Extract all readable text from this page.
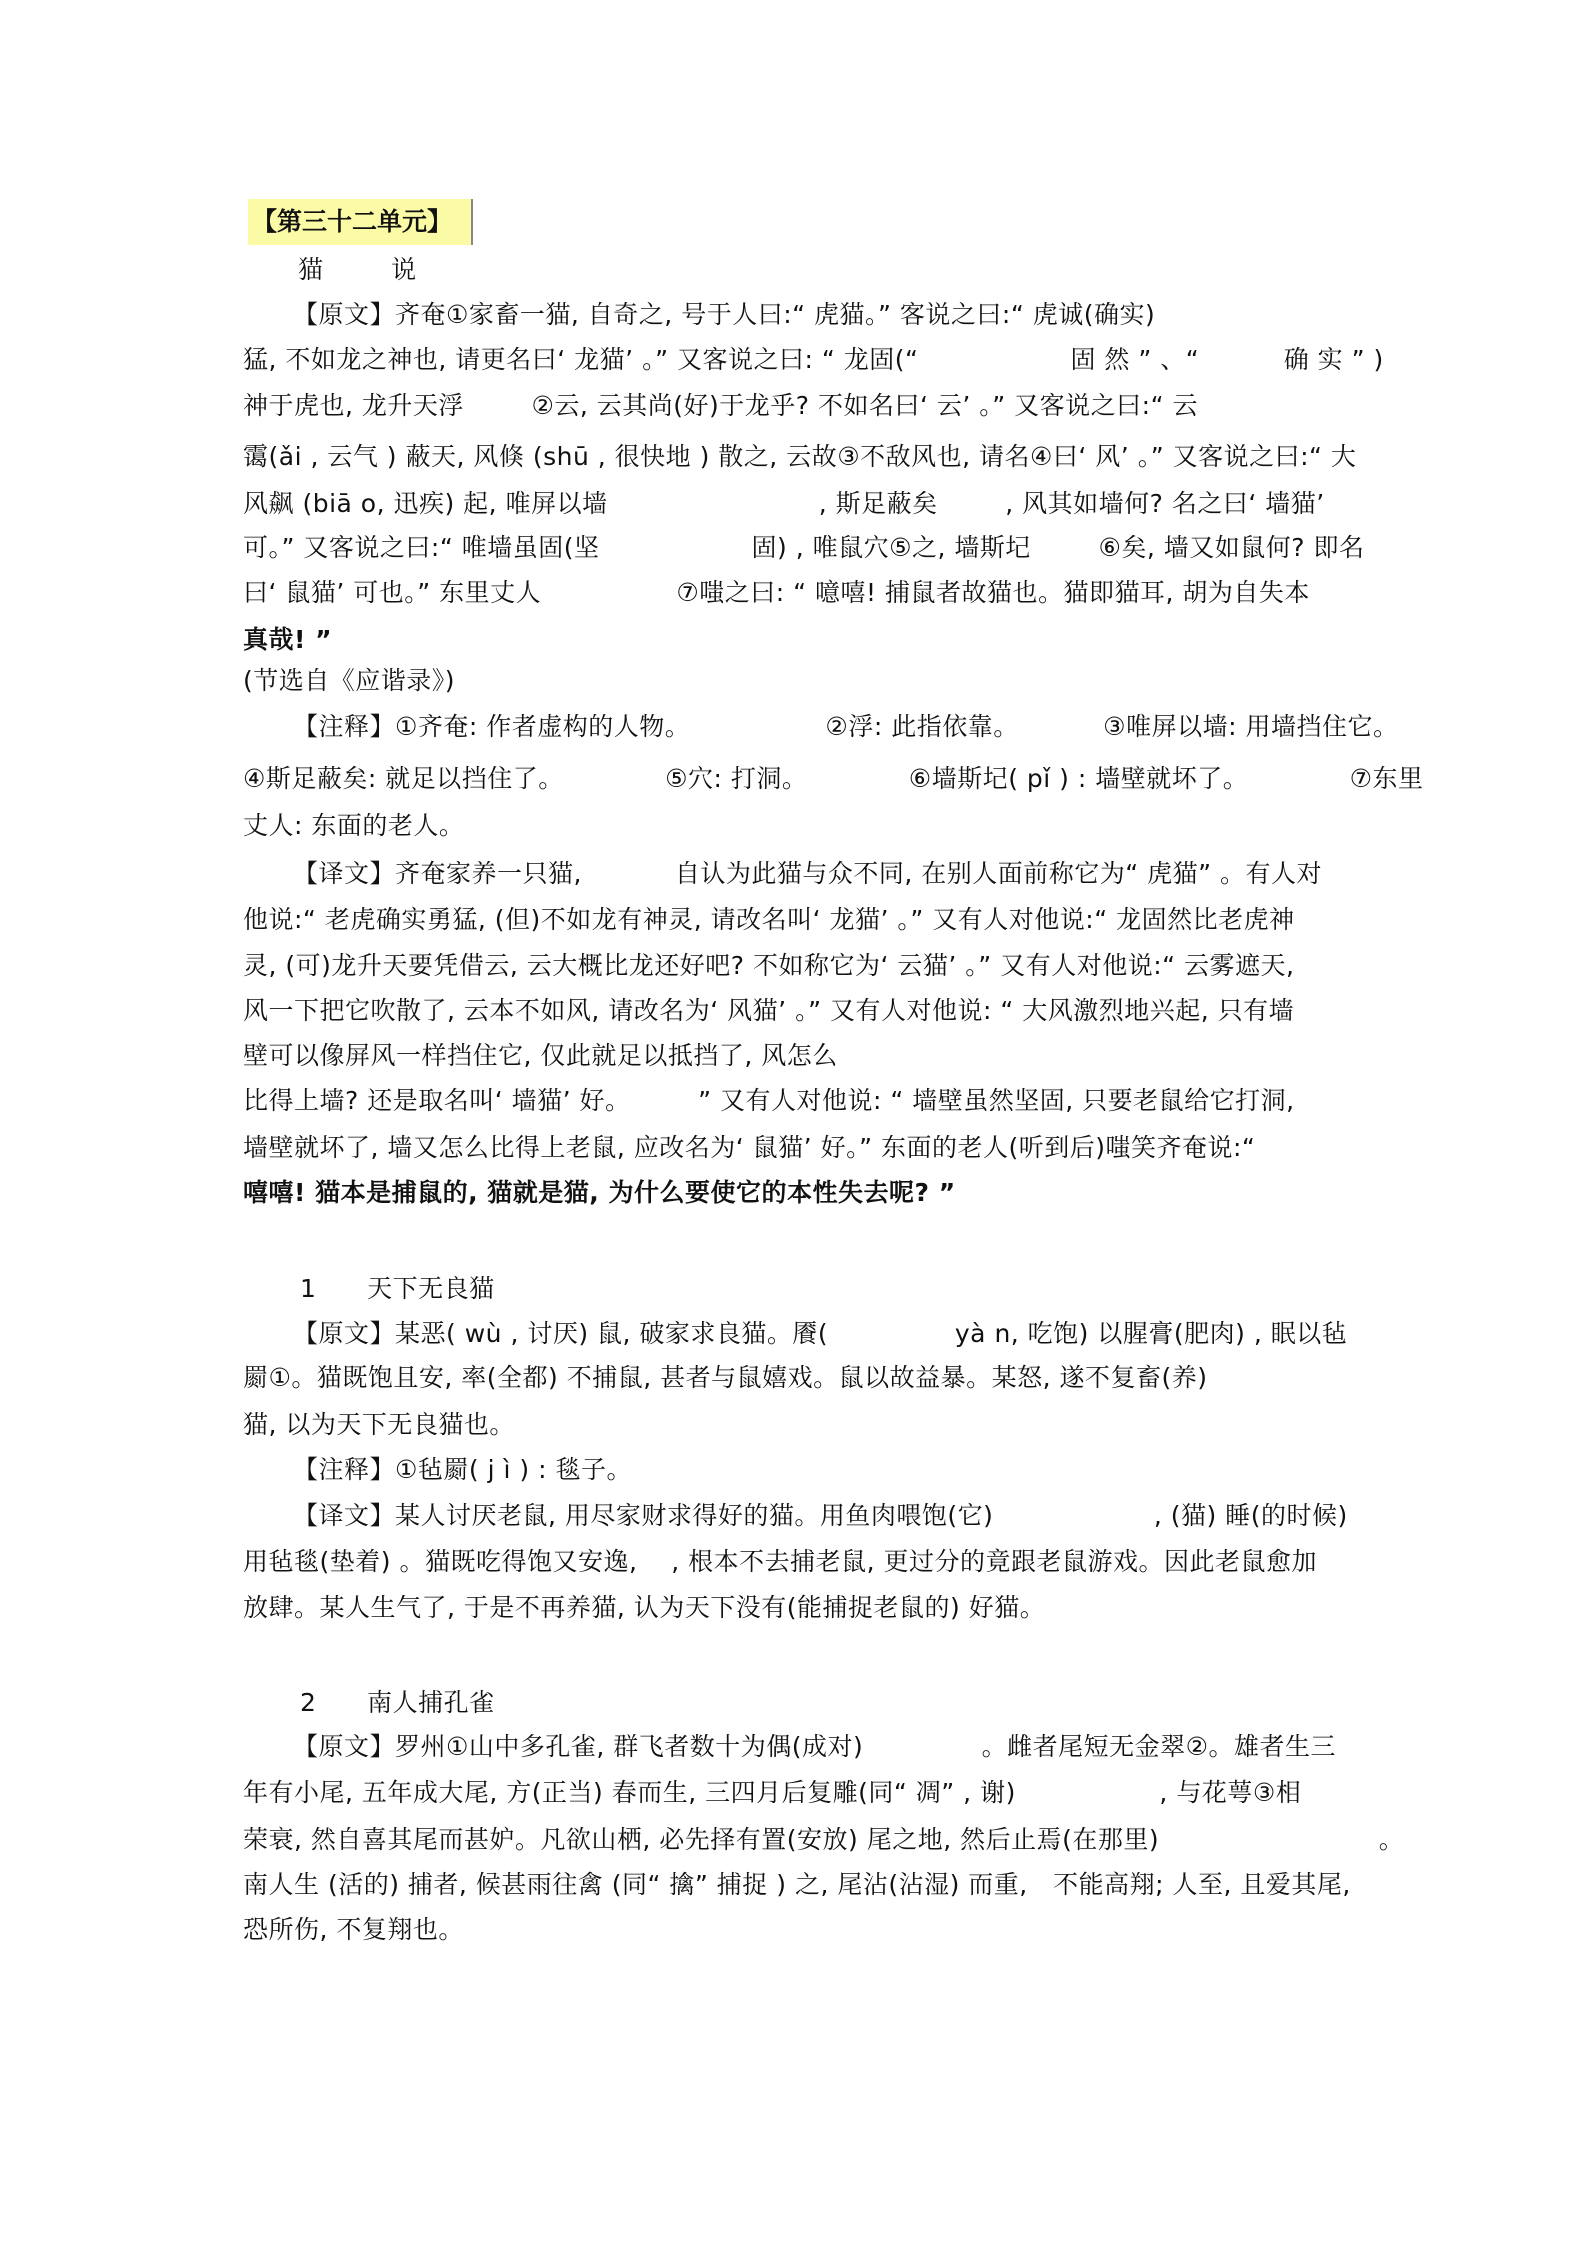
【第三十二单元】
猫        说
【原文】齐奄①家畜一猫, 自奇之, 号于人曰:“ 虎猫。” 客说之曰:“ 虎诚(确实)
猛, 不如龙之神也, 请更名曰‘ 龙猫’ 。” 又客说之曰: “ 龙固(“                  固 然 ” 、“          确 实 ” )
神于虎也, 龙升天浮        ②云, 云其尚(好)于龙乎? 不如名曰‘ 云’ 。” 又客说之曰:“ 云
霭(ǎi , 云气 ) 蔽天, 风倏 (shū , 很快地 ) 散之, 云故③不敌风也, 请名④曰‘ 风’ 。” 又客说之曰:“ 大
风飙 (biā o, 迅疾) 起, 唯屏以墙                         , 斯足蔽矣        , 风其如墙何? 名之曰‘ 墙猫’
可。” 又客说之曰:“ 唯墙虽固(坚                  固) , 唯鼠穴⑤之, 墙斯圮        ⑥矣, 墙又如鼠何? 即名
曰‘ 鼠猫’ 可也。” 东里丈人                ⑦嗤之曰: “ 噫嘻! 捕鼠者故猫也。猫即猫耳, 胡为自失本
真哉! ”
(节选自《应谐录》)
【注释】①齐奄: 作者虚构的人物。                ②浮: 此指依靠。          ③唯屏以墙: 用墙挡住它。
④斯足蔽矣: 就足以挡住了。            ⑤穴: 打洞。            ⑥墙斯圮( pǐ ) : 墙壁就坏了。            ⑦东里
丈人: 东面的老人。
【译文】齐奄家养一只猫,           自认为此猫与众不同, 在别人面前称它为“ 虎猫” 。有人对
他说:“ 老虎确实勇猛, (但)不如龙有神灵, 请改名叫‘ 龙猫’ 。” 又有人对他说:“ 龙固然比老虎神
灵, (可)龙升天要凭借云, 云大概比龙还好吧? 不如称它为‘ 云猫’ 。” 又有人对他说:“ 云雾遮天,
风一下把它吹散了, 云本不如风, 请改名为‘ 风猫’ 。” 又有人对他说: “ 大风激烈地兴起, 只有墙
壁可以像屏风一样挡住它, 仅此就足以抵挡了, 风怎么
比得上墙? 还是取名叫‘ 墙猫’ 好。        ” 又有人对他说: “ 墙壁虽然坚固, 只要老鼠给它打洞,
墙壁就坏了, 墙又怎么比得上老鼠, 应改名为‘ 鼠猫’ 好。” 东面的老人(听到后)嗤笑齐奄说:“
嘻嘻! 猫本是捕鼠的, 猫就是猫, 为什么要使它的本性失去呢? ”
1      天下无良猫
【原文】某恶( wù , 讨厌) 鼠, 破家求良猫。餍(               yà n, 吃饱) 以腥膏(肥肉) , 眠以毡
罽①。猫既饱且安, 率(全都) 不捕鼠, 甚者与鼠嬉戏。鼠以故益暴。某怒, 遂不复畜(养)
猫, 以为天下无良猫也。
【注释】①毡罽( j ì ) : 毯子。
【译文】某人讨厌老鼠, 用尽家财求得好的猫。用鱼肉喂饱(它)                   , (猫) 睡(的时候)
用毡毯(垫着) 。猫既吃得饱又安逸,    , 根本不去捕老鼠, 更过分的竟跟老鼠游戏。因此老鼠愈加
放肆。某人生气了, 于是不再养猫, 认为天下没有(能捕捉老鼠的) 好猫。
2      南人捕孔雀
【原文】罗州①山中多孔雀, 群飞者数十为偶(成对)              。雌者尾短无金翠②。雄者生三
年有小尾, 五年成大尾, 方(正当) 春而生, 三四月后复雕(同“ 凋” , 谢)                 , 与花萼③相
荣衰, 然自喜其尾而甚妒。凡欲山栖, 必先择有置(安放) 尾之地, 然后止焉(在那里)                          。
南人生 (活的) 捕者, 候甚雨往禽 (同“ 擒” 捕捉 ) 之, 尾沾(沾湿) 而重,   不能高翔; 人至, 且爱其尾,
恐所伤, 不复翔也。
